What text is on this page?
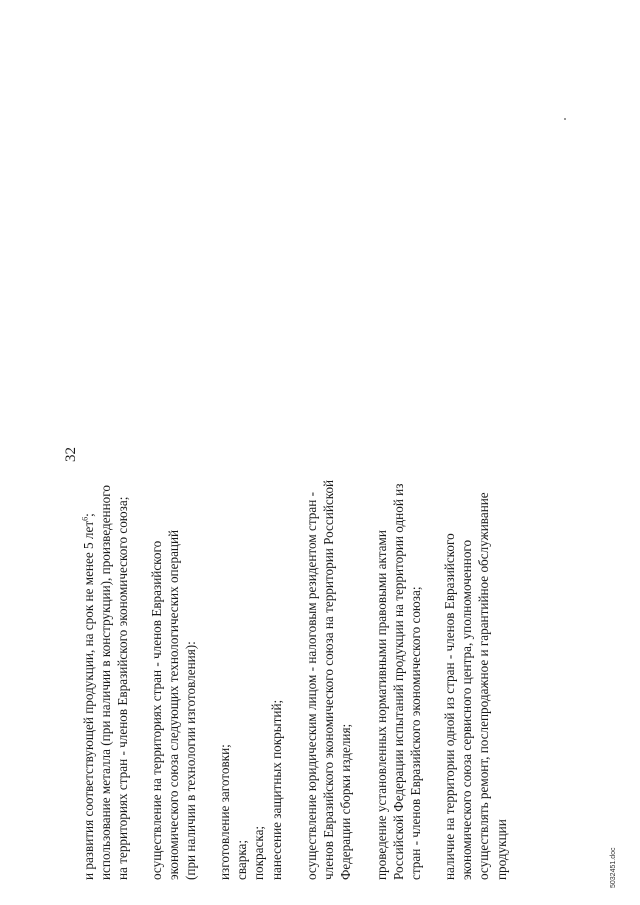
32
и развития соответствующей продукции, на срок не менее 5 лет$^6$; использование металла (при наличии в конструкции), произведенного на территориях стран - членов Евразийского экономического союза; осуществление на территориях стран - членов Евразийского экономического союза следующих технологических операций (при наличии в технологии изготовления): изготовление заготовки; сварка; покраска; нанесение защитных покрытий; осуществление юридическим лицом - налоговым резидентом стран - членов Евразийского экономического союза на территории Российской Федерации сборки изделия; проведение установленных нормативными правовыми актами Российской Федерации испытаний продукции на территории одной из стран - членов Евразийского экономического союза; наличие на территории одной из стран - членов Евразийского экономического союза сервисного центра, уполномоченного осуществлять ремонт, послепродажное и гарантийное обслуживание продукции	5032451.doc
